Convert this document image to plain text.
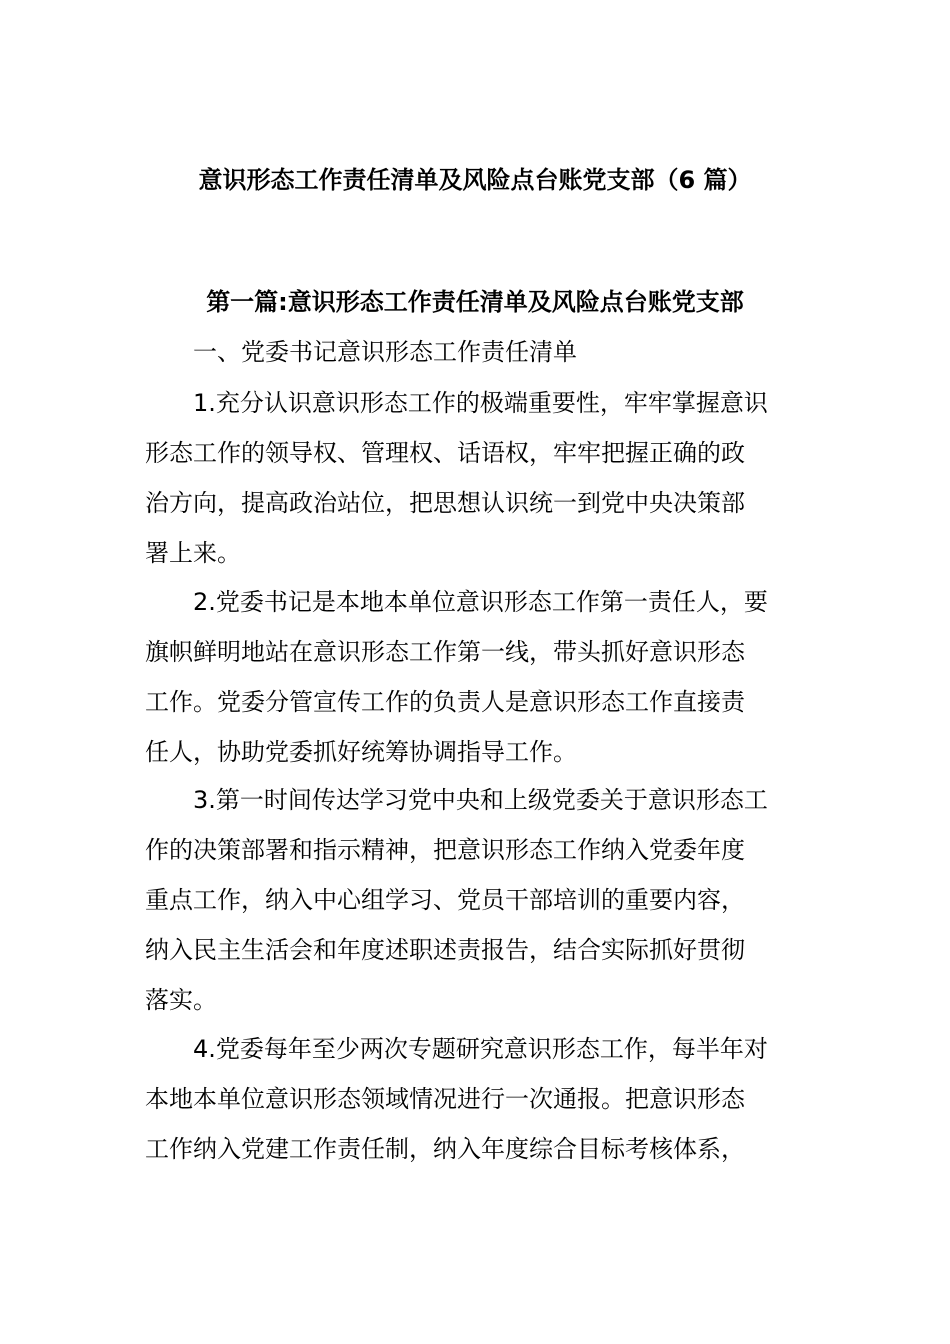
意识形态工作责任清单及风险点台账党支部（6 篇）
第一篇:意识形态工作责任清单及风险点台账党支部
一、党委书记意识形态工作责任清单
1.充分认识意识形态工作的极端重要性，牢牢掌握意识
形态工作的领导权、管理权、话语权，牢牢把握正确的政
治方向，提高政治站位，把思想认识统一到党中央决策部
署上来。
2.党委书记是本地本单位意识形态工作第一责任人，要
旗帜鲜明地站在意识形态工作第一线，带头抓好意识形态
工作。党委分管宣传工作的负责人是意识形态工作直接责
任人，协助党委抓好统筹协调指导工作。
3.第一时间传达学习党中央和上级党委关于意识形态工
作的决策部署和指示精神，把意识形态工作纳入党委年度
重点工作，纳入中心组学习、党员干部培训的重要内容，
纳入民主生活会和年度述职述责报告，结合实际抓好贯彻
落实。
4.党委每年至少两次专题研究意识形态工作，每半年对
本地本单位意识形态领域情况进行一次通报。把意识形态
工作纳入党建工作责任制，纳入年度综合目标考核体系，
